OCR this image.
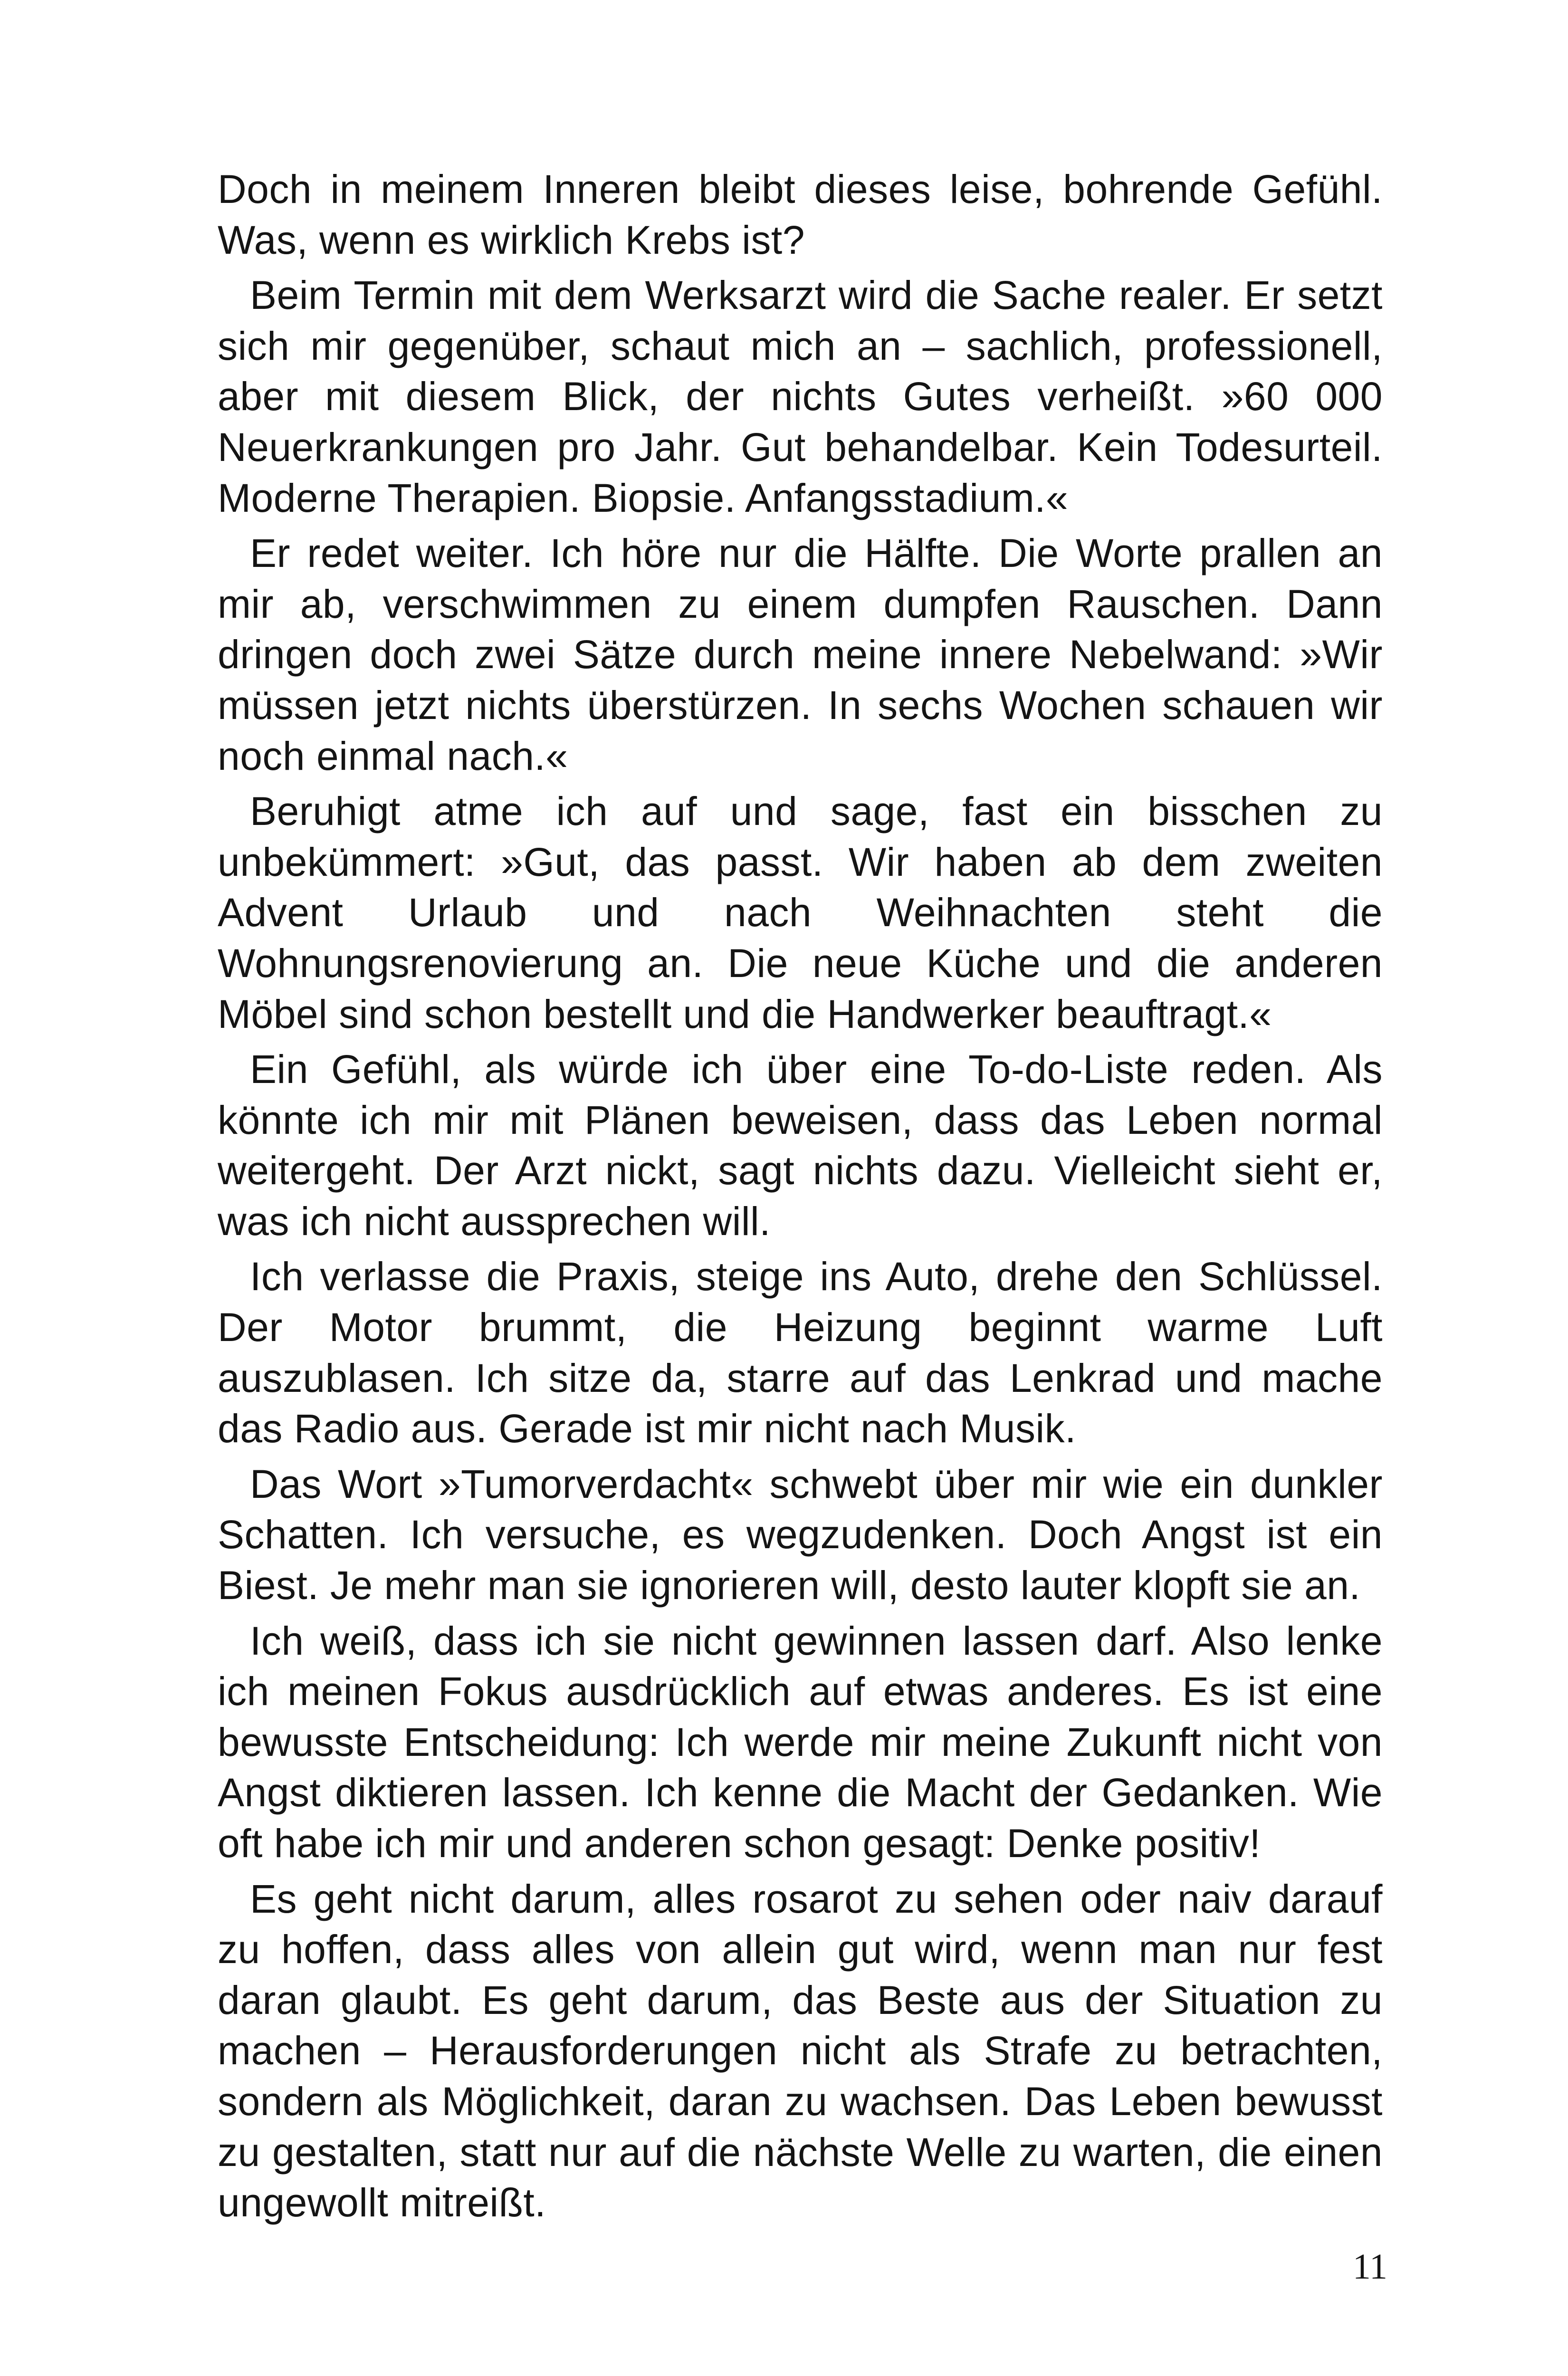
Doch in meinem Inneren bleibt dieses leise, bohrende Gefühl. Was, wenn es wirklich Krebs ist?

Beim Termin mit dem Werksarzt wird die Sache realer. Er setzt sich mir gegenüber, schaut mich an – sachlich, professionell, aber mit diesem Blick, der nichts Gutes verheißt. »60 000 Neuerkrankungen pro Jahr. Gut behandelbar. Kein Todesurteil. Moderne Therapien. Biopsie. Anfangsstadium.«

Er redet weiter. Ich höre nur die Hälfte. Die Worte prallen an mir ab, verschwimmen zu einem dumpfen Rauschen. Dann dringen doch zwei Sätze durch meine innere Nebelwand: »Wir müssen jetzt nichts überstürzen. In sechs Wochen schauen wir noch einmal nach.«

Beruhigt atme ich auf und sage, fast ein bisschen zu unbekümmert: »Gut, das passt. Wir haben ab dem zweiten Advent Urlaub und nach Weihnachten steht die Wohnungsrenovierung an. Die neue Küche und die anderen Möbel sind schon bestellt und die Handwerker beauftragt.«

Ein Gefühl, als würde ich über eine To-do-Liste reden. Als könnte ich mir mit Plänen beweisen, dass das Leben normal weitergeht. Der Arzt nickt, sagt nichts dazu. Vielleicht sieht er, was ich nicht aussprechen will.

Ich verlasse die Praxis, steige ins Auto, drehe den Schlüssel. Der Motor brummt, die Heizung beginnt warme Luft auszublasen. Ich sitze da, starre auf das Lenkrad und mache das Radio aus. Gerade ist mir nicht nach Musik.

Das Wort »Tumorverdacht« schwebt über mir wie ein dunkler Schatten. Ich versuche, es wegzudenken. Doch Angst ist ein Biest. Je mehr man sie ignorieren will, desto lauter klopft sie an.

Ich weiß, dass ich sie nicht gewinnen lassen darf. Also lenke ich meinen Fokus ausdrücklich auf etwas anderes. Es ist eine bewusste Entscheidung: Ich werde mir meine Zukunft nicht von Angst diktieren lassen. Ich kenne die Macht der Gedanken. Wie oft habe ich mir und anderen schon gesagt: Denke positiv!

Es geht nicht darum, alles rosarot zu sehen oder naiv darauf zu hoffen, dass alles von allein gut wird, wenn man nur fest daran glaubt. Es geht darum, das Beste aus der Situation zu machen – Herausforderungen nicht als Strafe zu betrachten, sondern als Möglichkeit, daran zu wachsen. Das Leben bewusst zu gestalten, statt nur auf die nächste Welle zu warten, die einen ungewollt mitreißt.

11
